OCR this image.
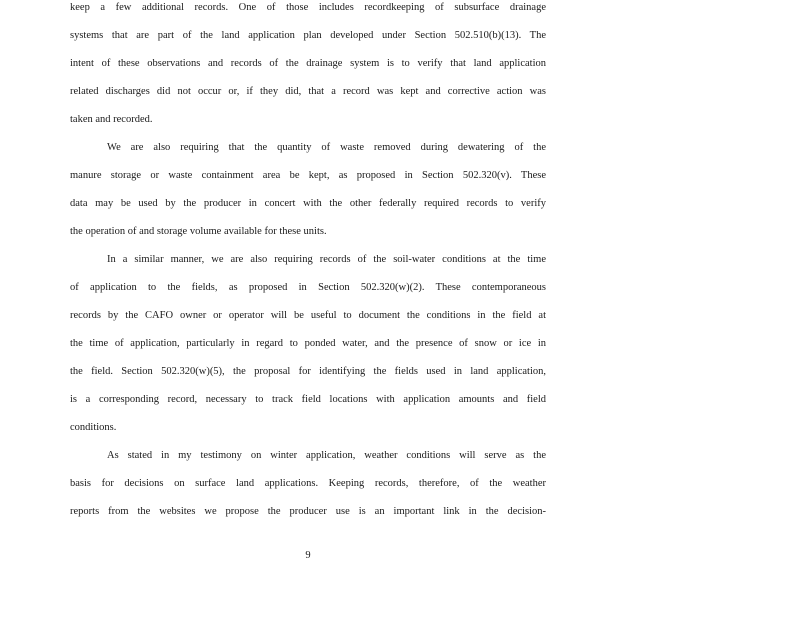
keep a few additional records. One of those includes recordkeeping of subsurface drainage
systems that are part of the land application plan developed under Section 502.510(b)(13). The
intent of these observations and records of the drainage system is to verify that land application
related discharges did not occur or, if they did, that a record was kept and corrective action was
taken and recorded.
We are also requiring that the quantity of waste removed during dewatering of the
manure storage or waste containment area be kept, as proposed in Section 502.320(v). These
data may be used by the producer in concert with the other federally required records to verify
the operation of and storage volume available for these units.
In a similar manner, we are also requiring records of the soil-water conditions at the time
of application to the fields, as proposed in Section 502.320(w)(2). These contemporaneous
records by the CAFO owner or operator will be useful to document the conditions in the field at
the time of application, particularly in regard to ponded water, and the presence of snow or ice in
the field. Section 502.320(w)(5), the proposal for identifying the fields used in land application,
is a corresponding record, necessary to track field locations with application amounts and field
conditions.
As stated in my testimony on winter application, weather conditions will serve as the
basis for decisions on surface land applications. Keeping records, therefore, of the weather
reports from the websites we propose the producer use is an important link in the decision-
9
